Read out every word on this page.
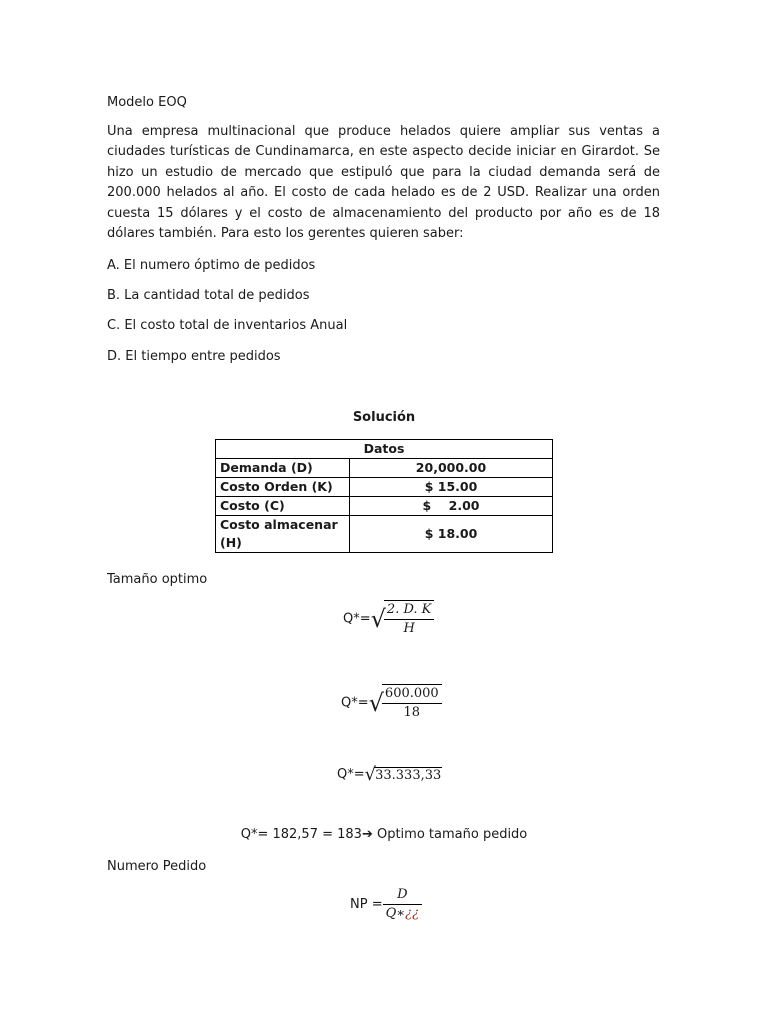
Modelo EOQ

Una empresa multinacional que produce helados quiere ampliar sus ventas a ciudades turísticas de Cundinamarca, en este aspecto decide iniciar en Girardot. Se hizo un estudio de mercado que estipuló que para la ciudad demanda será de 200.000 helados al año. El costo de cada helado es de 2 USD. Realizar una orden cuesta 15 dólares y el costo de almacenamiento del producto por año es de 18 dólares también. Para esto los gerentes quieren saber:

A. El numero óptimo de pedidos

B. La cantidad total de pedidos

C. El costo total de inventarios Anual

D. El tiempo entre pedidos

Solución
Datos	
Demanda (D)	20,000.00
Costo Orden (K)	$ 15.00
Costo (C)	$    2.00
Costo almacenar (H)	$ 18.00

Tamaño optimo

Q*=√
$\frac{2. D. K}{H}$
Q*=√
$\frac{600.000}{18}$
Q*=√33.333,33
Q*= 182,57 = 183➔ Optimo tamaño pedido

Numero Pedido

NP = $\frac{D}{Q∗¿¿}$
